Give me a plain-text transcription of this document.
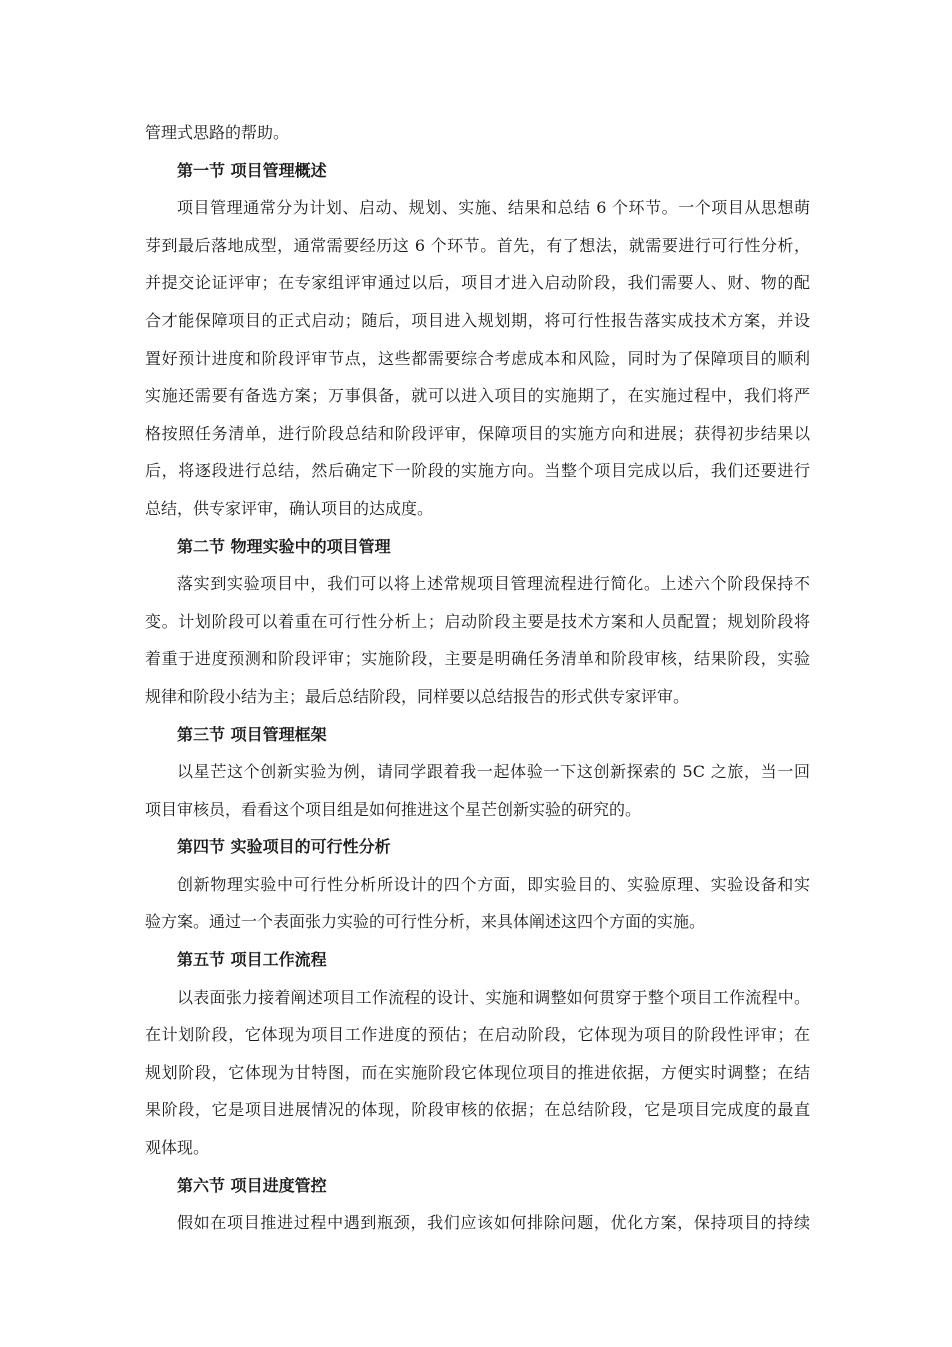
管理式思路的帮助。
第一节 项目管理概述
项目管理通常分为计划、启动、规划、实施、结果和总结 6 个环节。一个项目从思想萌
芽到最后落地成型，通常需要经历这 6 个环节。首先，有了想法，就需要进行可行性分析，
并提交论证评审；在专家组评审通过以后，项目才进入启动阶段，我们需要人、财、物的配
合才能保障项目的正式启动；随后，项目进入规划期，将可行性报告落实成技术方案，并设
置好预计进度和阶段评审节点，这些都需要综合考虑成本和风险，同时为了保障项目的顺利
实施还需要有备选方案；万事俱备，就可以进入项目的实施期了，在实施过程中，我们将严
格按照任务清单，进行阶段总结和阶段评审，保障项目的实施方向和进展；获得初步结果以
后，将逐段进行总结，然后确定下一阶段的实施方向。当整个项目完成以后，我们还要进行
总结，供专家评审，确认项目的达成度。
第二节 物理实验中的项目管理
落实到实验项目中，我们可以将上述常规项目管理流程进行简化。上述六个阶段保持不
变。计划阶段可以着重在可行性分析上；启动阶段主要是技术方案和人员配置；规划阶段将
着重于进度预测和阶段评审；实施阶段，主要是明确任务清单和阶段审核，结果阶段，实验
规律和阶段小结为主；最后总结阶段，同样要以总结报告的形式供专家评审。
第三节 项目管理框架
以星芒这个创新实验为例，请同学跟着我一起体验一下这创新探索的 5C 之旅，当一回
项目审核员，看看这个项目组是如何推进这个星芒创新实验的研究的。
第四节 实验项目的可行性分析
创新物理实验中可行性分析所设计的四个方面，即实验目的、实验原理、实验设备和实
验方案。通过一个表面张力实验的可行性分析，来具体阐述这四个方面的实施。
第五节 项目工作流程
以表面张力接着阐述项目工作流程的设计、实施和调整如何贯穿于整个项目工作流程中。
在计划阶段，它体现为项目工作进度的预估；在启动阶段，它体现为项目的阶段性评审；在
规划阶段，它体现为甘特图，而在实施阶段它体现位项目的推进依据，方便实时调整；在结
果阶段，它是项目进展情况的体现，阶段审核的依据；在总结阶段，它是项目完成度的最直
观体现。
第六节 项目进度管控
假如在项目推进过程中遇到瓶颈，我们应该如何排除问题，优化方案，保持项目的持续
